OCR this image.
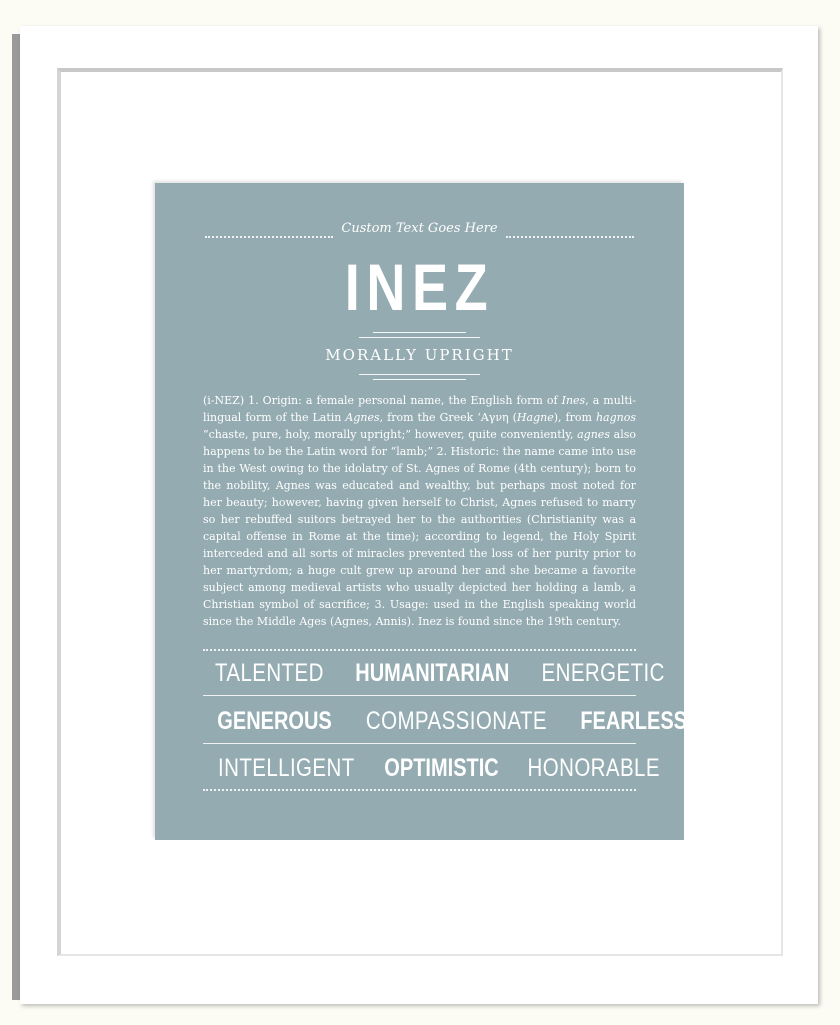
Custom Text Goes Here
INEZ
MORALLY UPRIGHT
(i-NEZ) 1. Origin: a female personal name, the English form of Ines, a multi-lingual form of the Latin Agnes, from the Greek ‘Αγνη (Hagne), from hagnos “chaste, pure, holy, morally upright;” however, quite conveniently, agnes also happens to be the Latin word for “lamb;” 2. Historic: the name came into use in the West owing to the idolatry of St. Agnes of Rome (4th century); born to the nobility, Agnes was educated and wealthy, but perhaps most noted for her beauty; however, having given herself to Christ, Agnes refused to marry so her rebuffed suitors betrayed her to the authorities (Christianity was a capital offense in Rome at the time); according to legend, the Holy Spirit interceded and all sorts of miracles prevented the loss of her purity prior to her martyrdom; a huge cult grew up around her and she became a favorite subject among medieval artists who usually depicted her holding a lamb, a Christian symbol of sacrifice; 3. Usage: used in the English speaking world since the Middle Ages (Agnes, Annis). Inez is found since the 19th century.
TALENTED HUMANITARIAN ENERGETIC
GENEROUS COMPASSIONATE FEARLESS
INTELLIGENT OPTIMISTIC HONORABLE
